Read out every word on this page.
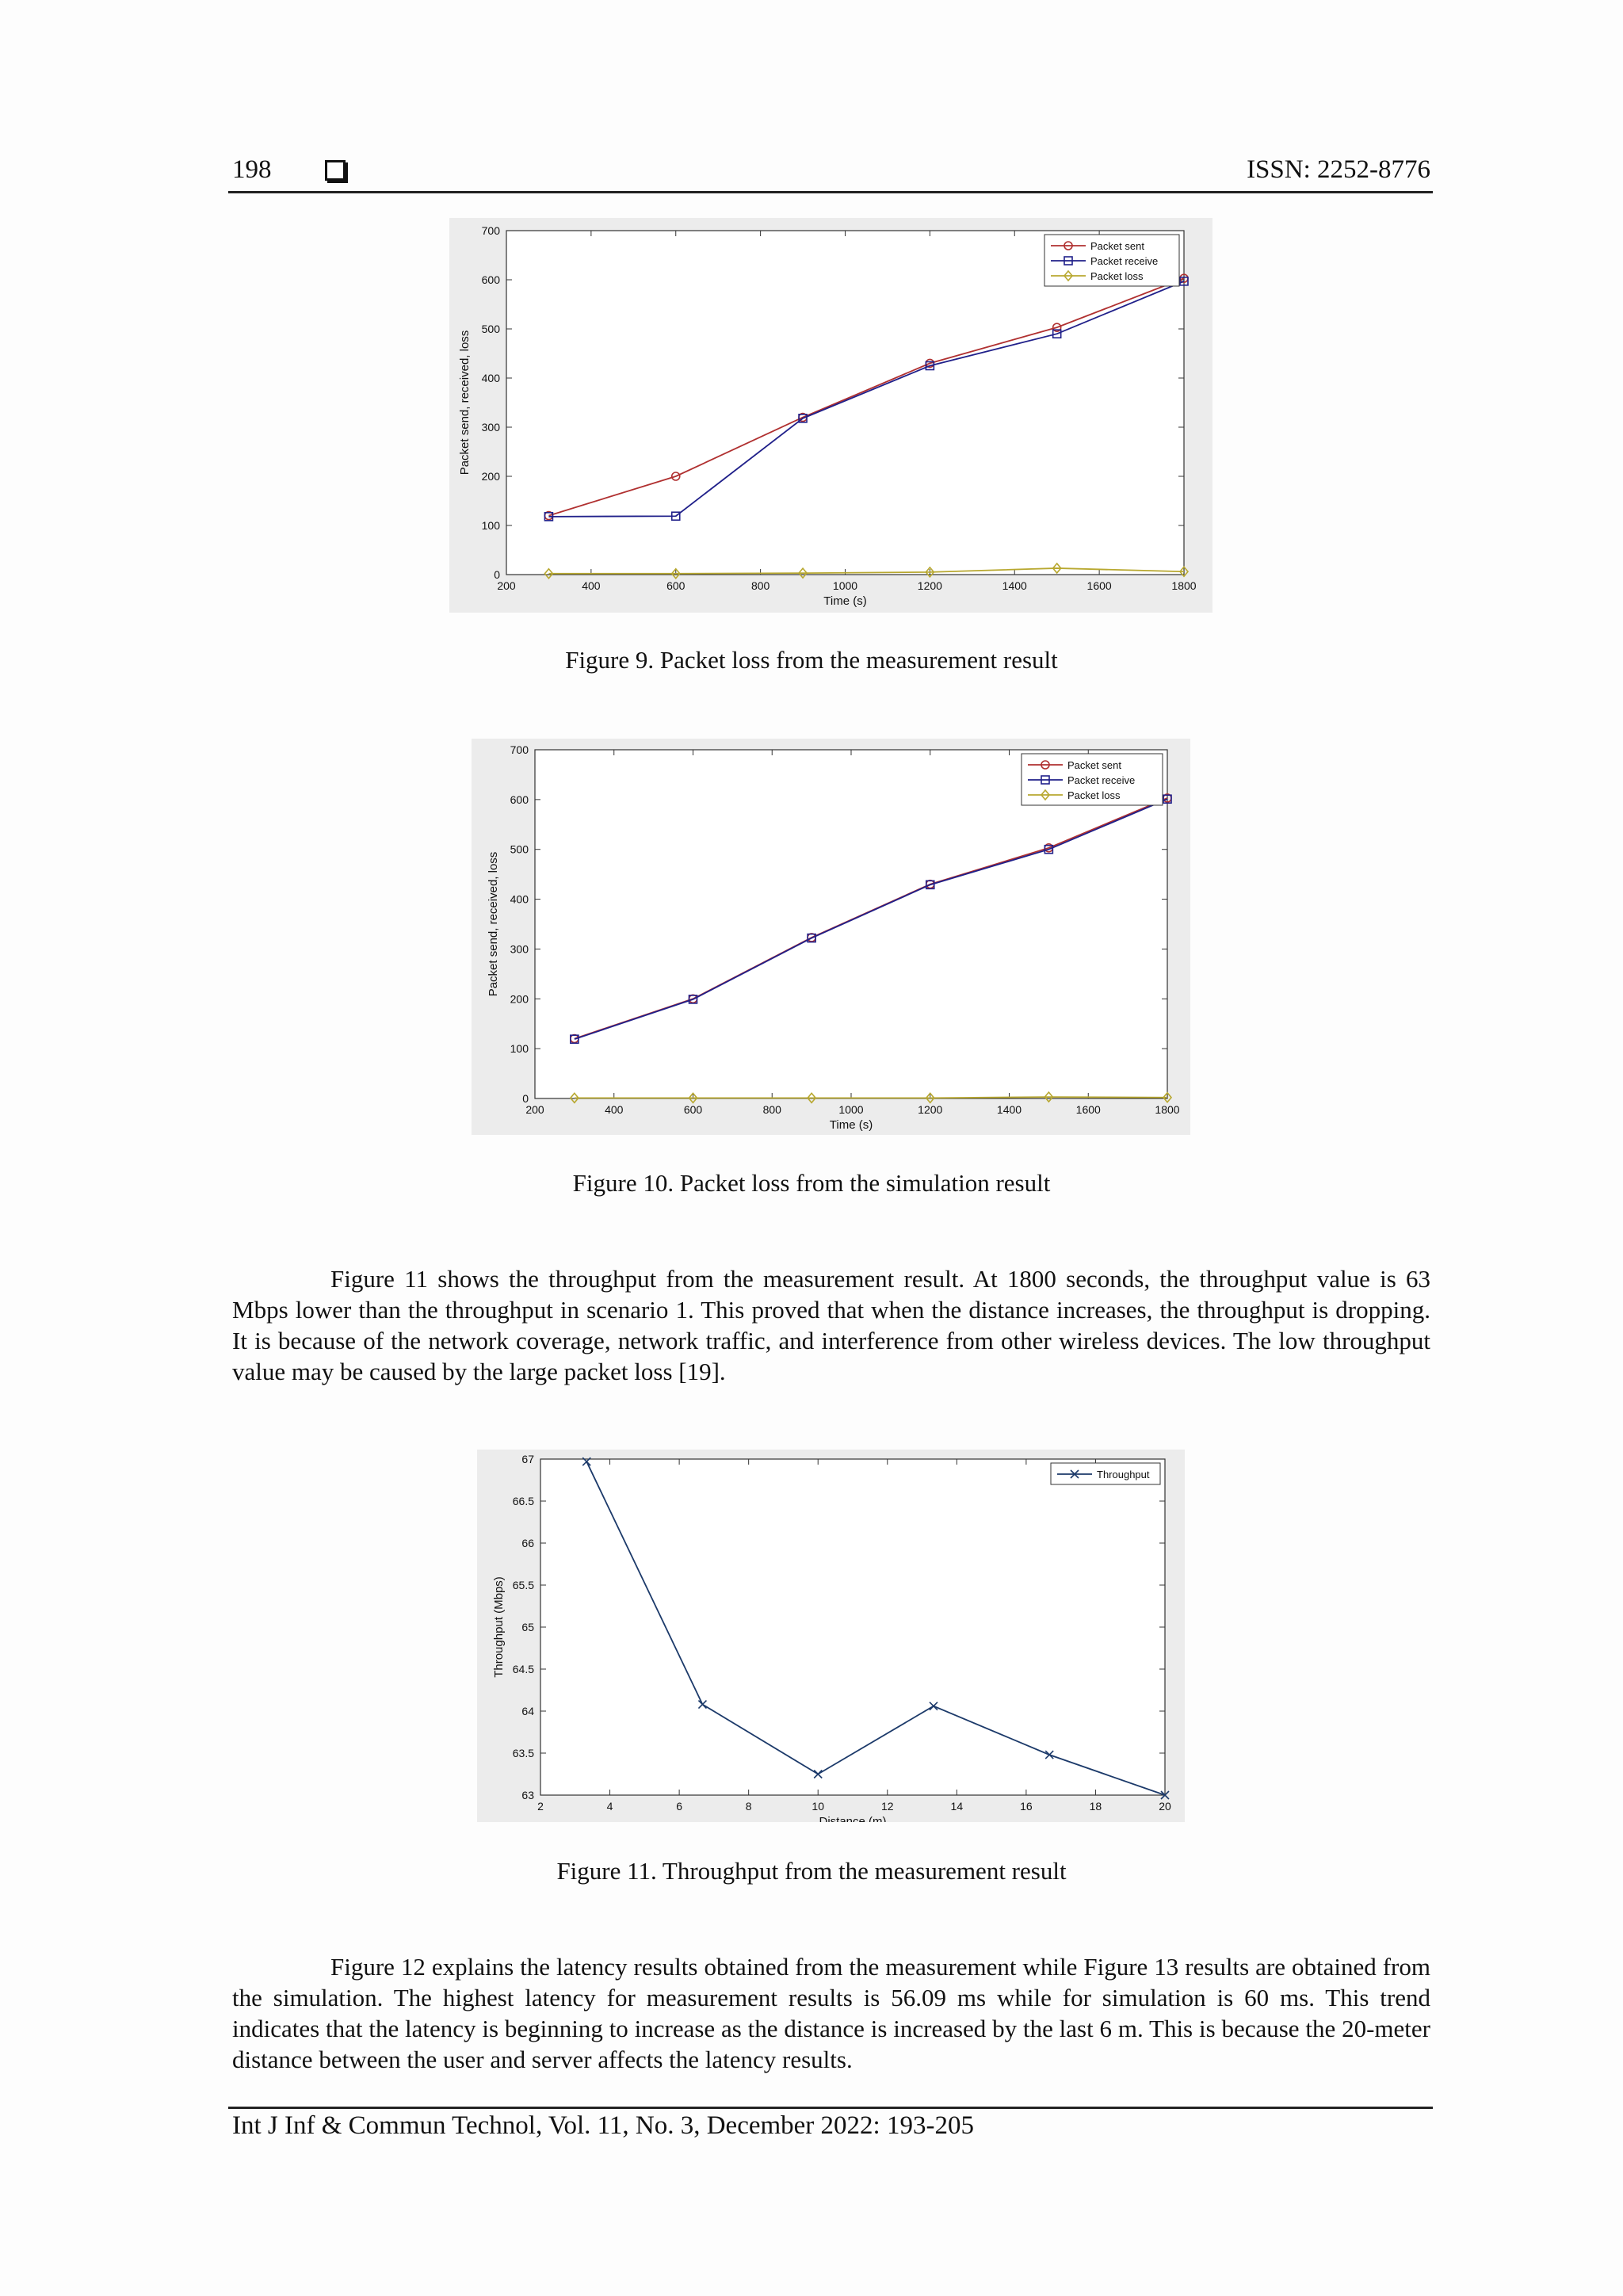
198	ISSN: 2252-8776
200	400	600	800	1000	1200	1400	1600	1800
0
100
200
300
400
500
600
700
Time (s)
Packet send, received, loss
Packet sent
Packet receive
Packet loss
Figure 9. Packet loss from the measurement result
200	400	600	800	1000	1200	1400	1600	1800
0
100
200
300
400
500
600
700
Time (s)
Packet send, received, loss
Packet sent
Packet receive
Packet loss
Figure 10. Packet loss from the simulation result

Figure 11 shows the throughput from the measurement result. At 1800 seconds, the throughput value is 63 Mbps lower than the throughput in scenario 1. This proved that when the distance increases, the throughput is dropping. It is because of the network coverage, network traffic, and interference from other wireless devices. The low throughput value may be caused by the large packet loss [19].

2	4	6	8	10	12	14	16	18	20
63
63.5
64
64.5
65
65.5
66
66.5
67
Distance (m)
Throughput (Mbps)
Throughput
Figure 11. Throughput from the measurement result

Figure 12 explains the latency results obtained from the measurement while Figure 13 results are obtained from the simulation. The highest latency for measurement results is 56.09 ms while for simulation is 60 ms. This trend indicates that the latency is beginning to increase as the distance is increased by the last 6 m. This is because the 20-meter distance between the user and server affects the latency results.

Int J Inf & Commun Technol, Vol. 11, No. 3, December 2022: 193-205
